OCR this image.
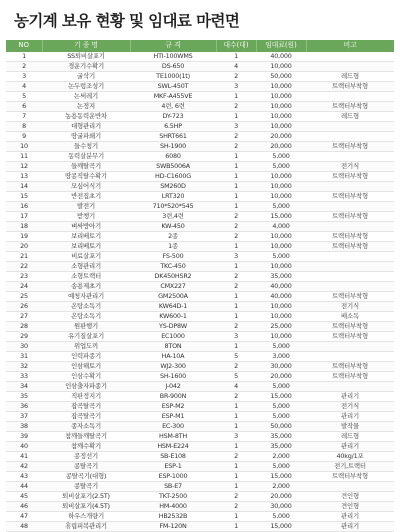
농기계 보유 현황 및 임대료 마련면
NO	기 종 명	규 격	대수(대)	임대료(원)	비고
1	SS퇴비살포기	HTI-100WMS	1	40,000	
2	경운기수확기	DS-650	4	10,000	
3	굴삭기	TE1000(1t)	2	50,000	레드형
4	논두렁조성기	SWL-450T	3	10,000	트랙터부착형
5	논써레기	MKF-A455VE	1	10,000	
6	논정지	4련, 6련	2	10,000	트랙터부착형
7	농용동력운반차	DY-723	1	10,000	레드형
8	대형관리기	6.5HP	3	10,000	
9	땅굴파쇄기	SHRT661	2	20,000	
10	들수칭기	SH-1900	2	20,000	트랙터부착형
11	동력살분무기	6080	1	5,000	
12	들깨탈곡기	SWB5006A	1	5,000	전기식
13	땅콩직탈수확기	HD-C1600G	1	10,000	트랙터부착형
14	모심어식기	SM260D	1	10,000	
15	반전집초기	LRT320	1	10,000	트랙터부착형
16	발전기	710*520*545	1	5,000	
17	받챙기	3련,4련	2	15,000	트랙터부착형
18	벼싸방아기	KW-450	2	4,000	
19	보리베토기	2종	2	10,000	트랙터부착형
20	보리베토기	1종	1	10,000	트랙터부착형
21	비료살포기	FS-500	3	5,000	
22	소형관리기	TKC-450	1	10,000	
23	소형트랙터	DK450HSR2	2	35,000	
24	송용제초기	CMX227	2	40,000	
25	예청자관리기	GM2500A	1	40,000	트랙터부착형
26	온탕소독기	KW64D-1	1	10,000	전기식
27	온탕소독기	KW600-1	1	10,000	배소독
28	원판행기	YS-DP8W	2	25,000	트랙터부착형
29	유기질살포기	EC1000	3	10,000	트랙터부착형
30	위업도끼	8TON	1	5,000	
31	인력파종기	HA-10A	5	3,000	
32	인삼해토기	WJ2-300	2	30,000	트랙터부착형
33	인삼수확기	SH-1600	5	20,000	트랙터부착형
34	인삼출자파종기	J-042	4	5,000	
35	직판정지기	BR-900N	2	15,000	관리기
36	잡곡탈곡기	ESP-M2	1	5,000	전기식
37	잡곡탈곡기	ESP-M1	1	5,000	관리기
38	종자소독기	EC-300	1	50,000	발작물
39	참깨들깨탈곡기	HSM-8TH	3	35,000	레드형
40	참깨수확기	HSM-E224	1	35,000	관리기
41	콩정선기	SB-E108	2	2,000	40kg/1포
42	콩탈곡기	ESP-1	1	5,000	전기,트랙터
43	콩탈곡기(대형)	ESP-1000	1	15,000	트랙터부착형
44	콩탈곡기	SB-E7	1	2,000	
45	퇴비살포기(2.5T)	TKT-2500	2	20,000	견인형
46	퇴비살포기(4.5T)	HM-4000	2	30,000	견인형
47	하우스개량기	HB2532B	1	5,000	관리기
48	휴립피복관리기	FM-120N	1	15,000	관리기
